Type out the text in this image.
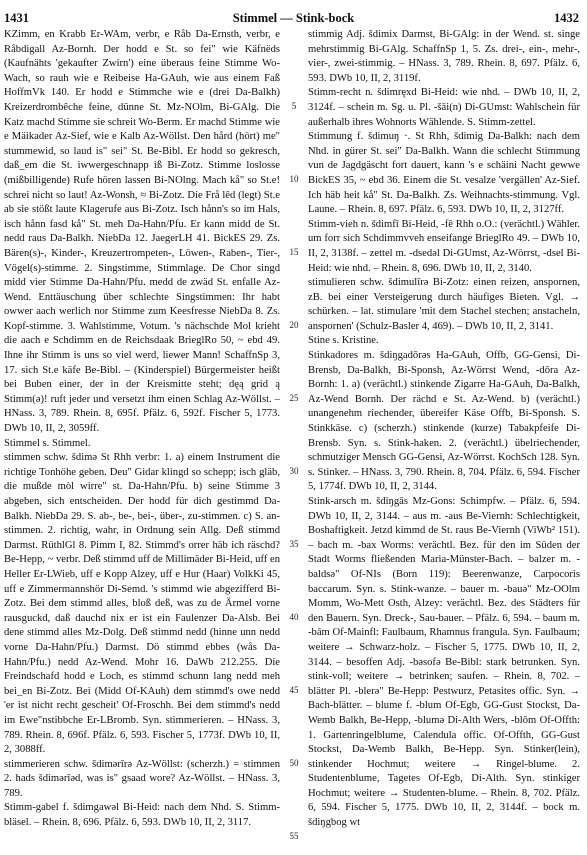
1431	Stimmel — Stink-bock	1432

KZimm, en Krabb Er-WAm, verbr, e Råb Da-Ernsth, verbr, e Råbdigall Az-Bornh. Der hodd e St. so fei" wie Käfnëds (Kaufnähts 'gekaufter Zwirn') eine überaus feine Stimme Wo-Wach, so rauh wie e Reibeise Ha-GAuh, wie aus einem Faß HoffmVk 140. Er hodd e Stimmche wie e (drei Da-Balkh) Kreizerdrombêche feine, dünne St. Mz-NOlm, Bi-GAlg. Die Katz machd Stimme sie schreit Wo-Berm. Er machd Stimme wie e Mäikader Az-Sief, wie e Kalb Az-Wöllst. Den hård (hört) me" stummewid, so laud is" sei" St. Be-Bibl. Er hodd so gekresch, daß_em die St. iwwergeschnapp iß Bi-Zotz. Stimme loslosse (mißbilligende) Rufe hören lassen Bi-NOlng. Mach kå" so St.e! schrei nicht so laut! Az-Wonsh, ≈ Bi-Zotz. Die Frå lêd (legt) St.e ab sie stößt laute Klagerufe aus Bi-Zotz. Isch hånn's so im Hals, isch hånn fasd kå" St. meh Da-Hahn/Pfu. Er kann midd de St. nedd raus Da-Balkh. NiebDa 12. JaegerLH 41. BickES 29. Zs. Bären(s)-, Kinder-, Kreuzertrompeten-, Löwen-, Raben-, Tier-, Vögel(s)-stimme. 2. Singstimme, Stimmlage. De Chor singd midd vier Stimme Da-Hahn/Pfu. medd de zwäd St. enfalle Az-Wend. Enttäuschung über schlechte Singstimmen: Ihr habt owwer aach werlich nor Stimme zum Keesfresse NiebDa 8. Zs. Kopf-stimme. 3. Wahlstimme, Votum. 's nächschde Mol krieht die aach e Schdimm en de Reichsdaak BrieglRo 50, ~ ebd 49. Ihne ihr Stimm is uns so viel werd, liewer Mann! SchaffnSp 3, 17. sich St.e käfe Be-Bibl. – (Kinderspiel) Bürgermeister heißt bei Buben einer, der in der Kreismitte steht; dęą grid ą Stimm(ə)! ruft jeder und versetzt ihm einen Schlag Az-Wöllst. – HNass. 3, 789. Rhein. 8, 695f. Pfälz. 6, 592f. Fischer 5, 1773. DWb 10, II, 2, 3059ff.

Stimmel s. Stimmel.

stimmen schw. šdimə St Rhh verbr: 1. a) einem Instrument die richtige Tonhöhe geben. Deu" Gidar klingd so schepp; isch gläb, die mußde mòl wirre" st. Da-Hahn/Pfu. b) seine Stimme 3 abgeben, sich entscheiden. Der hodd für dich gestimmd Da-Balkh. NiebDa 29. S. ab-, be-, bei-, über-, zu-stimmen. c) S. an-stimmen. 2. richtig, wahr, in Ordnung sein Allg. Deß stimmd Darmst. RüthlGl 8. Pimm I, 82. Stimmd's orrer häb ich räschd? Be-Hepp, ~ verbr. Deß stimmd uff de Millimäder Bi-Heid, uff en Heller Er-LWieb, uff e Kopp Alzey, uff e Hur (Haar) VolkKi 45, uff e Zimmermannshör Di-Semd. 's stimmd wie abgezifferd Bi-Zotz. Bei dem stimmd alles, bloß deß, was zu de Ärmel vorne rausguckd, daß dauchd nix er ist ein Faulenzer Da-Alsb. Bei dene stimmd alles Mz-Dolg. Deß stimmd nedd (hinne unn nedd vorne Da-Hahn/Pfu.) Darmst. Dö stimmd ebbes (wås Da-Hahn/Pfu.) nedd Az-Wend. Mohr 16. DaWb 212.255. Die Freindschafd hodd e Loch, es stimmd schunn lang nedd meh bei_en Bi-Zotz. Bei (Midd Of-KAuh) dem stimmd's owe nedd 'er ist nicht recht gescheit' Of-Froschh. Bei dem stimmd's nedd im Ewe"nstibbche Er-LBromb. Syn. stimmerieren. – HNass. 3, 789. Rhein. 8, 696f. Pfälz. 6, 593. Fischer 5, 1773f. DWb 10, II, 2, 3088ff.

stimmerieren schw. šdimərīrə Az-Wöllst: (scherzh.) = stimmen 2. hads šdimərīəd, was is" gsaad wore? Az-Wöllst. – HNass. 3, 789.

Stimm-gabel f. šdimgawəl Bi-Heid: nach dem Nhd. S. Stimm-bläsel. – Rhein. 8, 696. Pfälz. 6, 593. DWb 10, II, 2, 3117.

5
10
15
20
25
30
35
40
45
50
55

stimmig Adj. šdimix Darmst, Bi-GAlg: in der Wend. st. singe mehrstimmig Bi-GAlg. SchaffnSp 1, 5. Zs. drei-, ein-, mehr-, vier-, zwei-stimmig. – HNass. 3, 789. Rhein. 8, 697. Pfälz. 6, 593. DWb 10, II, 2, 3119f.

Stimm-recht n. šdimręxd Bi-Heid: wie nhd. – DWb 10, II, 2, 3124f. – schein m. Sg. u. Pl. -šāi(n) Di-GUmst: Wahlschein für außerhalb ihres Wohnorts Wählende. S. Stimm-zettel.

Stimmung f. šdimuŋ ·. St Rhh, šdimig Da-Balkh: nach dem Nhd. in gürer St. sei" Da-Balkh. Wann die schlecht Stimmung vun de Jagdgäscht fort dauert, kann 's e schäini Nacht gewwe BickES 35, ~ ebd 36. Einem die St. vesalze 'vergällen' Az-Sief. Ich häb heit kå" St. Da-Balkh. Zs. Weihnachts-stimmung. Vgl. Laune. – Rhein. 8, 697. Pfälz. 6, 593. DWb 10, II, 2, 3127ff.

Stimm-vieh n. šdimfī Bi-Heid, -fē Rhh o.O.: (verächtl.) Wähler. um forr sich Schdimmvveh enseifange BrieglRo 49. – DWb 10, II, 2, 3138f. – zettel m. -dsedəl Di-GUmst, Az-Wörrst, -dsel Bi-Heid: wie nhd. – Rhein. 8, 696. DWb 10, II, 2, 3140.

stimulieren schw. šdimulīrə Bi-Zotz: einen reizen, anspornen, zB. bei einer Versteigerung durch häufiges Bieten. Vgl. → schürken. – lat. stimulare 'mit dem Stachel stechen; anstacheln, anspornen' (Schulz-Basler 4, 469). – DWb 10, II, 2, 3141.

Stine s. Kristine.

Stinkadores m. šdiŋgadōrəs Ha-GAuh, Offb, GG-Gensi, Di-Brensb, Da-Balkh, Bi-Sponsh, Az-Wörrst Wend, -dōra Az-Bornh: 1. a) (verächtl.) stinkende Zigarre Ha-GAuh, Da-Balkh, Az-Wend Bornh. Der rächd e St. Az-Wend. b) (verächtl.) unangenehm riechender, übereifer Käse Offb, Bi-Sponsh. S. Stinkkäse. c) (scherzh.) stinkende (kurze) Tabakpfeife Di-Brensb. Syn. s. Stink-haken. 2. (verächtl.) übelriechender, schmutziger Mensch GG-Gensi, Az-Wörrst. KochSch 128. Syn. s. Stinker. – HNass. 3, 790. Rhein. 8, 704. Pfälz. 6, 594. Fischer 5, 1774f. DWb 10, II, 2, 3144.

Stink-arsch m. šdiŋgās Mz-Gons: Schimpfw. – Pfälz. 6, 594. DWb 10, II, 2, 3144. – aus m. -aus Be-Viernh: Schlechtigkeit, Boshaftigkeit. Jetzd kimmd de St. raus Be-Viernh (ViWb² 151). – bach m. -bax Worms: verächtl. Bez. für den im Süden der Stadt Worms fließenden Maria-Münster-Bach. – balzer m. -baldsə" Of-NIs (Born 119): Beerenwanze, Carpocoris baccarum. Syn. s. Stink-wanze. – bauer m. -bauə" Mz-OOlm Momm, Wo-Mett Osth, Alzey: verächtl. Bez. des Städters für den Bauern. Syn. Dreck-, Sau-bauer. – Pfälz. 6, 594. – baum m. -bām Of-Mainfl: Faulbaum, Rhamnus frangula. Syn. Faulbaum; weitere → Schwarz-holz. – Fischer 5, 1775. DWb 10, II, 2, 3144. – besoffen Adj. -bəsofə Be-Bibl: stark betrunken. Syn. stink-voll; weitere → betrinken; saufen. – Rhein. 8, 702. – blätter Pl. -blerə" Be-Hepp: Pestwurz, Petasites offic. Syn. → Bach-blätter. – blume f. -blum Of-Egb, GG-Gust Stockst, Da-Wemb Balkh, Be-Hepp, -blumə Di-Alth Wers, -blōm Of-Offth: 1. Gartenringelblume, Calendula offic. Of-Offth, GG-Gust Stockst, Da-Wemb Balkh, Be-Hepp. Syn. Stinker(lein), stinkender Hochmut; weitere → Ringel-blume. 2. Studentenblume, Tagetes Of-Egb, Di-Alth. Syn. stinkiger Hochmut; weitere → Studenten-blume. – Rhein. 8, 702. Pfälz. 6, 594. Fischer 5, 1775. DWb 10, II, 2, 3144f. – bock m. šdiŋgbog wt
